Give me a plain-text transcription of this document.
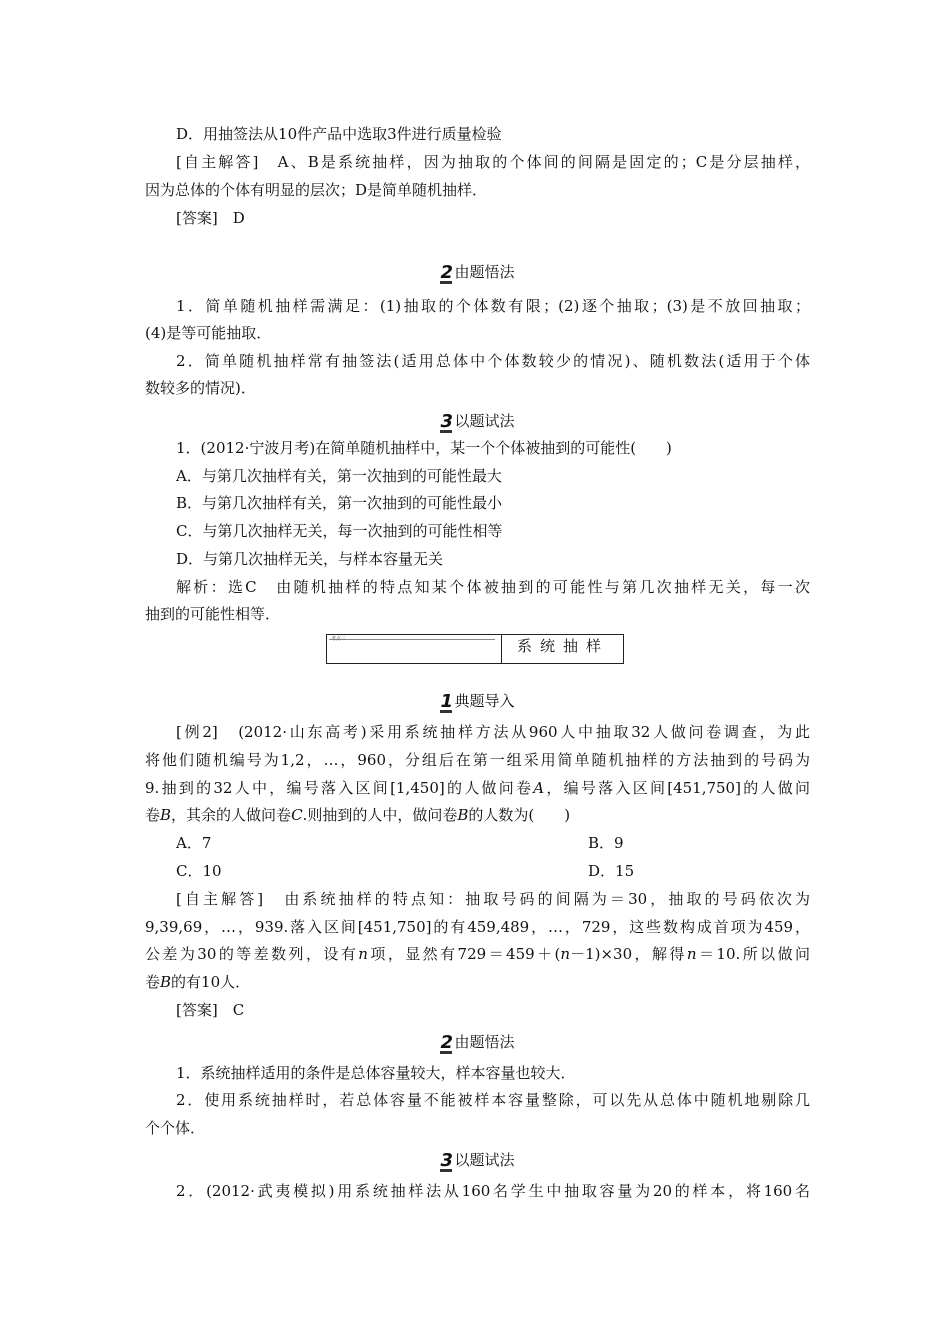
D．用抽签法从10件产品中选取3件进行质量检验
[自主解答]　A、B是系统抽样，因为抽取的个体间的间隔是固定的；C是分层抽样，
因为总体的个体有明显的层次；D是简单随机抽样．
[答案]　D
2由题悟法
1．简单随机抽样需满足：(1)抽取的个体数有限；(2)逐个抽取；(3)是不放回抽取；
(4)是等可能抽取．
2．简单随机抽样常有抽签法(适用总体中个体数较少的情况)、随机数法(适用于个体
数较多的情况)．
3以题试法
1．(2012·宁波月考)在简单随机抽样中，某一个个体被抽到的可能性(　　)
A．与第几次抽样有关，第一次抽到的可能性最大
B．与第几次抽样有关，第一次抽到的可能性最小
C．与第几次抽样无关，每一次抽到的可能性相等
D．与第几次抽样无关，与样本容量无关
解析：选C　由随机抽样的特点知某个体被抽到的可能性与第几次抽样无关，每一次
抽到的可能性相等．
考点三	系统抽样
1典题导入
[例2]　(2012·山东高考)采用系统抽样方法从960人中抽取32人做问卷调查，为此
将他们随机编号为1,2，…，960，分组后在第一组采用简单随机抽样的方法抽到的号码为
9.抽到的32人中，编号落入区间[1,450]的人做问卷A，编号落入区间[451,750]的人做问
卷B，其余的人做问卷C.则抽到的人中，做问卷B的人数为(　　)
A．7	B．9
C．10	D．15
[自主解答]　由系统抽样的特点知：抽取号码的间隔为＝30，抽取的号码依次为
9,39,69，…，939.落入区间[451,750]的有459,489，…，729，这些数构成首项为459，
公差为30的等差数列，设有n项，显然有729＝459＋(n－1)×30，解得n＝10.所以做问
卷B的有10人．
[答案]　C
2由题悟法
1．系统抽样适用的条件是总体容量较大，样本容量也较大．
2．使用系统抽样时，若总体容量不能被样本容量整除，可以先从总体中随机地剔除几
个个体．
3以题试法
2．(2012·武夷模拟)用系统抽样法从160名学生中抽取容量为20的样本，将160名
